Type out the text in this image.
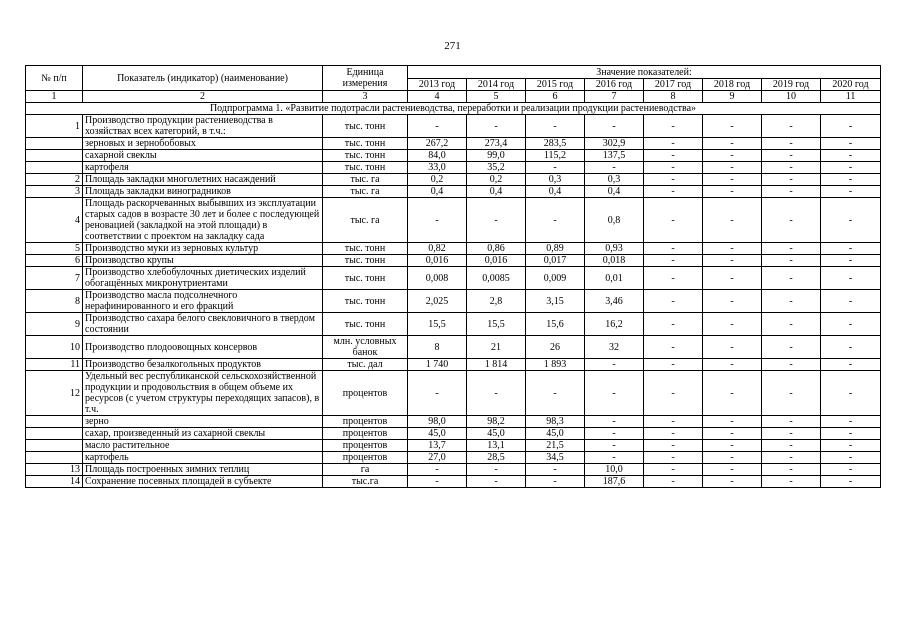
271
№ п/п	Показатель (индикатор) (наименование)	Единица измерения	Значение показателей:							
			2013 год	2014 год	2015 год	2016 год	2017 год	2018 год	2019 год	2020 год
1	2	3	4	5	6	7	8	9	10	11
Подпрограмма 1. «Развитие подотрасли растениеводства, переработки и реализации продукции растениеводства»										
1	Производство продукции растениеводства в хозяйствах всех категорий, в т.ч.:	тыс. тонн	-	-	-	-	-	-	-	-
	зерновых и зернобобовых	тыс. тонн	267,2	273,4	283,5	302,9	-	-	-	-
	сахарной свеклы	тыс. тонн	84,0	99,0	115,2	137,5	-	-	-	-
	картофеля	тыс. тонн	33,0	35,2	-	-	-	-	-	-
2	Площадь закладки многолетних насаждений	тыс. га	0,2	0,2	0,3	0,3	-	-	-	-
3	Площадь закладки виноградников	тыс. га	0,4	0,4	0,4	0,4	-	-	-	-
4	Площадь раскорчеванных выбывших из эксплуатации старых садов в возрасте 30 лет и более с последующей реновацией (закладкой на этой площади) в соответствии с проектом на закладку сада	тыс. га	-	-	-	0,8	-	-	-	-
5	Производство муки из зерновых культур	тыс. тонн	0,82	0,86	0,89	0,93	-	-	-	-
6	Производство крупы	тыс. тонн	0,016	0,016	0,017	0,018	-	-	-	-
7	Производство хлебобулочных диетических изделий обогащённых микронутриентами	тыс. тонн	0,008	0,0085	0,009	0,01	-	-	-	-
8	Производство масла подсолнечного нерафинированного и его фракций	тыс. тонн	2,025	2,8	3,15	3,46	-	-	-	-
9	Производство сахара белого свекловичного в твердом состоянии	тыс. тонн	15,5	15,5	15,6	16,2	-	-	-	-
10	Производство плодоовощных консервов	млн. условных банок	8	21	26	32	-	-	-	-
11	Производство безалкогольных продуктов	тыс. дал	1 740	1 814	1 893	-	-	-	-	-
12	Удельный вес республиканской сельскохозяйственной продукции и продовольствия в общем объеме их ресурсов (с учетом структуры переходящих запасов), в т.ч.	процентов	-	-	-	-	-	-	-	-
	зерно	процентов	98,0	98,2	98,3	-	-	-	-	-
	сахар, произведенный из сахарной свеклы	процентов	45,0	45,0	45,0	-	-	-	-	-
	масло растительное	процентов	13,7	13,1	21,5	-	-	-	-	-
	картофель	процентов	27,0	28,5	34,5	-	-	-	-	-
13	Площадь построенных зимних теплиц	га	-	-	-	10,0	-	-	-	-
14	Сохранение посевных площадей в субъекте	тыс.га	-	-	-	187,6	-	-	-	-
